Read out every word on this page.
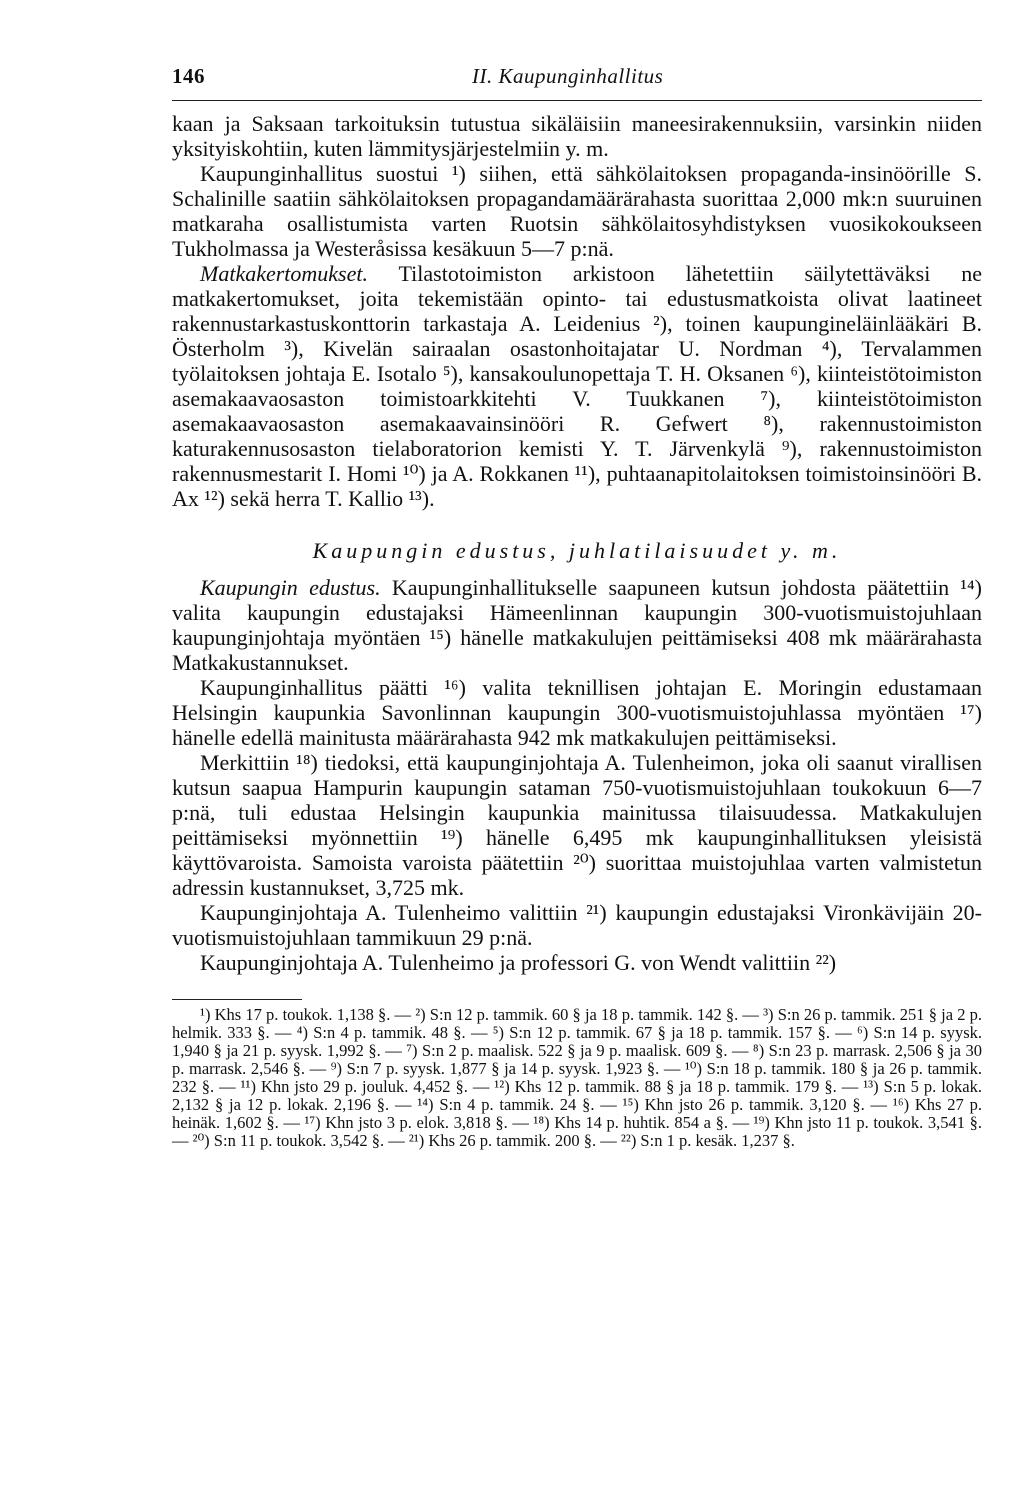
146	II. Kaupunginhallitus

kaan ja Saksaan tarkoituksin tutustua sikäläisiin maneesirakennuksiin, varsinkin niiden yksityiskohtiin, kuten lämmitysjärjestelmiin y. m.

Kaupunginhallitus suostui ¹) siihen, että sähkölaitoksen propaganda-insinöörille S. Schalinille saatiin sähkölaitoksen propagandamäärärahasta suorittaa 2,000 mk:n suuruinen matkaraha osallistumista varten Ruotsin sähkölaitosyhdistyksen vuosikokoukseen Tukholmassa ja Westeråsissa kesäkuun 5—7 p:nä.

Matkakertomukset. Tilastotoimiston arkistoon lähetettiin säilytettäväksi ne matkakertomukset, joita tekemistään opinto- tai edustusmatkoista olivat laatineet rakennustarkastuskonttorin tarkastaja A. Leidenius ²), toinen kaupungineläinlääkäri B. Österholm ³), Kivelän sairaalan osastonhoitajatar U. Nordman ⁴), Tervalammen työlaitoksen johtaja E. Isotalo ⁵), kansakoulunopettaja T. H. Oksanen ⁶), kiinteistötoimiston asemakaavaosaston toimistoarkkitehti V. Tuukkanen ⁷), kiinteistötoimiston asemakaavaosaston asemakaavainsinööri R. Gefwert ⁸), rakennustoimiston katurakennusosaston tielaboratorion kemisti Y. T. Järvenkylä ⁹), rakennustoimiston rakennusmestarit I. Homi ¹⁰) ja A. Rokkanen ¹¹), puhtaanapitolaitoksen toimistoinsinööri B. Ax ¹²) sekä herra T. Kallio ¹³).

Kaupungin edustus, juhlatilaisuudet y. m.

Kaupungin edustus. Kaupunginhallitukselle saapuneen kutsun johdosta päätettiin ¹⁴) valita kaupungin edustajaksi Hämeenlinnan kaupungin 300-vuotismuistojuhlaan kaupunginjohtaja myöntäen ¹⁵) hänelle matkakulujen peittämiseksi 408 mk määrärahasta Matkakustannukset.

Kaupunginhallitus päätti ¹⁶) valita teknillisen johtajan E. Moringin edustamaan Helsingin kaupunkia Savonlinnan kaupungin 300-vuotismuistojuhlassa myöntäen ¹⁷) hänelle edellä mainitusta määrärahasta 942 mk matkakulujen peittämiseksi.

Merkittiin ¹⁸) tiedoksi, että kaupunginjohtaja A. Tulenheimon, joka oli saanut virallisen kutsun saapua Hampurin kaupungin sataman 750-vuotismuistojuhlaan toukokuun 6—7 p:nä, tuli edustaa Helsingin kaupunkia mainitussa tilaisuudessa. Matkakulujen peittämiseksi myönnettiin ¹⁹) hänelle 6,495 mk kaupunginhallituksen yleisistä käyttövaroista. Samoista varoista päätettiin ²⁰) suorittaa muistojuhlaa varten valmistetun adressin kustannukset, 3,725 mk.

Kaupunginjohtaja A. Tulenheimo valittiin ²¹) kaupungin edustajaksi Vironkävijäin 20-vuotismuistojuhlaan tammikuun 29 p:nä.

Kaupunginjohtaja A. Tulenheimo ja professori G. von Wendt valittiin ²²)

¹) Khs 17 p. toukok. 1,138 §. — ²) S:n 12 p. tammik. 60 § ja 18 p. tammik. 142 §. — ³) S:n 26 p. tammik. 251 § ja 2 p. helmik. 333 §. — ⁴) S:n 4 p. tammik. 48 §. — ⁵) S:n 12 p. tammik. 67 § ja 18 p. tammik. 157 §. — ⁶) S:n 14 p. syysk. 1,940 § ja 21 p. syysk. 1,992 §. — ⁷) S:n 2 p. maalisk. 522 § ja 9 p. maalisk. 609 §. — ⁸) S:n 23 p. marrask. 2,506 § ja 30 p. marrask. 2,546 §. — ⁹) S:n 7 p. syysk. 1,877 § ja 14 p. syysk. 1,923 §. — ¹⁰) S:n 18 p. tammik. 180 § ja 26 p. tammik. 232 §. — ¹¹) Khn jsto 29 p. jouluk. 4,452 §. — ¹²) Khs 12 p. tammik. 88 § ja 18 p. tammik. 179 §. — ¹³) S:n 5 p. lokak. 2,132 § ja 12 p. lokak. 2,196 §. — ¹⁴) S:n 4 p. tammik. 24 §. — ¹⁵) Khn jsto 26 p. tammik. 3,120 §. — ¹⁶) Khs 27 p. heinäk. 1,602 §. — ¹⁷) Khn jsto 3 p. elok. 3,818 §. — ¹⁸) Khs 14 p. huhtik. 854 a §. — ¹⁹) Khn jsto 11 p. toukok. 3,541 §. — ²⁰) S:n 11 p. toukok. 3,542 §. — ²¹) Khs 26 p. tammik. 200 §. — ²²) S:n 1 p. kesäk. 1,237 §.
